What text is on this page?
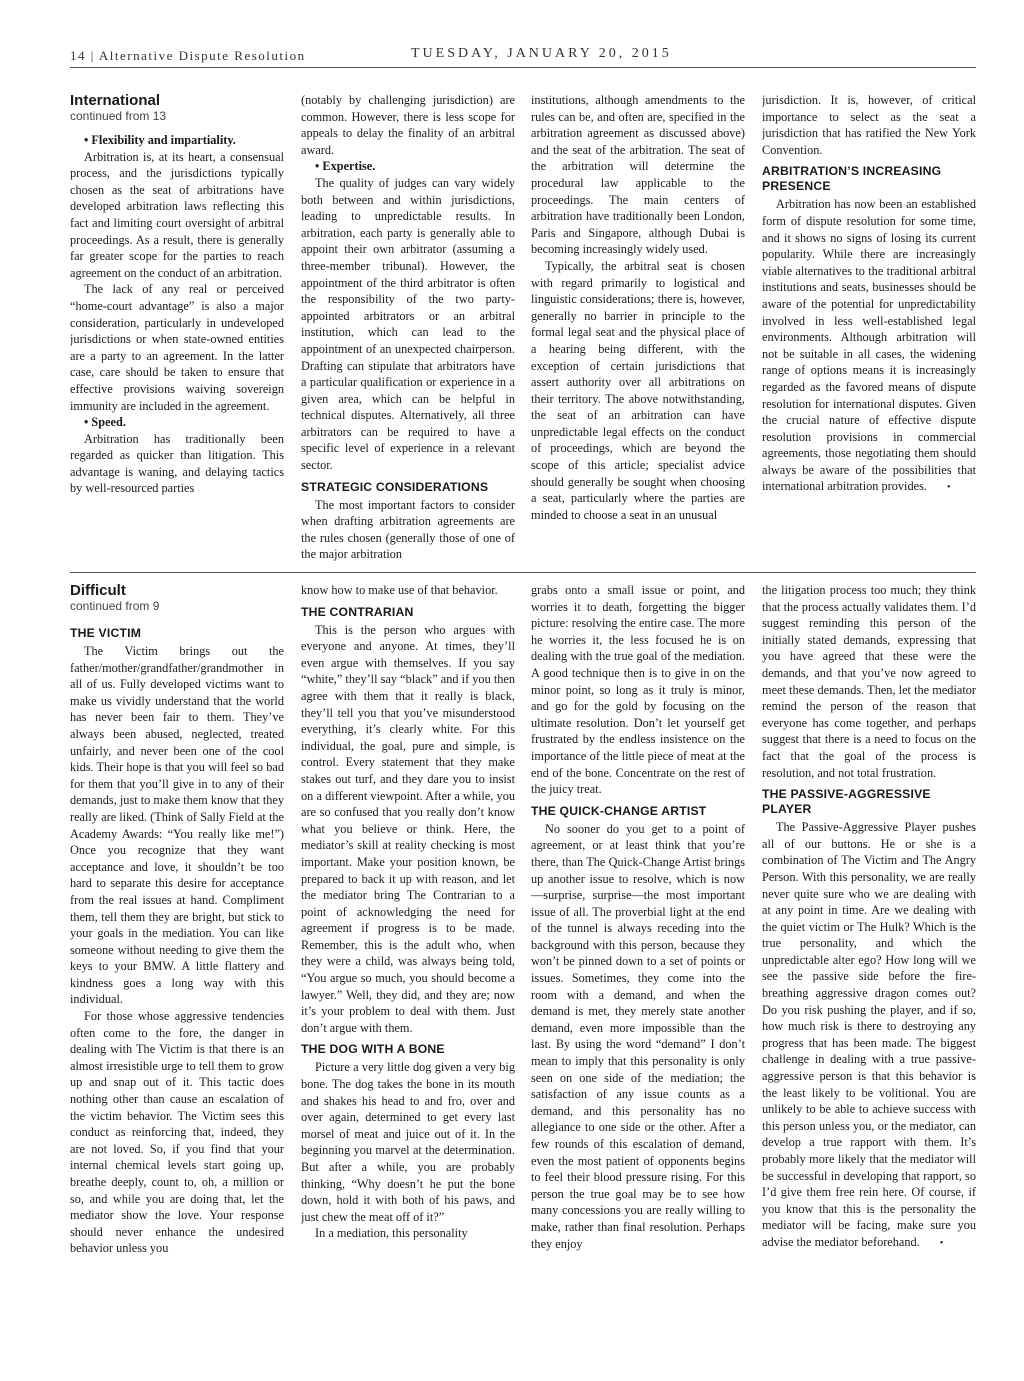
14 | Alternative Dispute Resolution	TUESDAY, JANUARY 20, 2015
International
continued from 13
• Flexibility and impartiality.

Arbitration is, at its heart, a consensual process, and the jurisdictions typically chosen as the seat of arbitrations have developed arbitration laws reflecting this fact and limiting court oversight of arbitral proceedings. As a result, there is generally far greater scope for the parties to reach agreement on the conduct of an arbitration.

The lack of any real or perceived “home-court advantage” is also a major consideration, particularly in undeveloped jurisdictions or when state-owned entities are a party to an agreement. In the latter case, care should be taken to ensure that effective provisions waiving sovereign immunity are included in the agreement.

• Speed.

Arbitration has traditionally been regarded as quicker than litigation. This advantage is waning, and delaying tactics by well-resourced parties

(notably by challenging jurisdiction) are common. However, there is less scope for appeals to delay the finality of an arbitral award.

• Expertise.

The quality of judges can vary widely both between and within jurisdictions, leading to unpredictable results. In arbitration, each party is generally able to appoint their own arbitrator (assuming a three-member tribunal). However, the appointment of the third arbitrator is often the responsibility of the two party-appointed arbitrators or an arbitral institution, which can lead to the appointment of an unexpected chairperson. Drafting can stipulate that arbitrators have a particular qualification or experience in a given area, which can be helpful in technical disputes. Alternatively, all three arbitrators can be required to have a specific level of experience in a relevant sector.

STRATEGIC CONSIDERATIONS

The most important factors to consider when drafting arbitration agreements are the rules chosen (generally those of one of the major arbitration

institutions, although amendments to the rules can be, and often are, specified in the arbitration agreement as discussed above) and the seat of the arbitration. The seat of the arbitration will determine the procedural law applicable to the proceedings. The main centers of arbitration have traditionally been London, Paris and Singapore, although Dubai is becoming increasingly widely used.

Typically, the arbitral seat is chosen with regard primarily to logistical and linguistic considerations; there is, however, generally no barrier in principle to the formal legal seat and the physical place of a hearing being different, with the exception of certain jurisdictions that assert authority over all arbitrations on their territory. The above notwithstanding, the seat of an arbitration can have unpredictable legal effects on the conduct of proceedings, which are beyond the scope of this article; specialist advice should generally be sought when choosing a seat, particularly where the parties are minded to choose a seat in an unusual

jurisdiction. It is, however, of critical importance to select as the seat a jurisdiction that has ratified the New York Convention.

ARBITRATION’S INCREASING PRESENCE

Arbitration has now been an established form of dispute resolution for some time, and it shows no signs of losing its current popularity. While there are increasingly viable alternatives to the traditional arbitral institutions and seats, businesses should be aware of the potential for unpredictability involved in less well-established legal environments. Although arbitration will not be suitable in all cases, the widening range of options means it is increasingly regarded as the favored means of dispute resolution for international disputes. Given the crucial nature of effective dispute resolution provisions in commercial agreements, those negotiating them should always be aware of the possibilities that international arbitration provides. •

Difficult
continued from 9
THE VICTIM

The Victim brings out the father/mother/grandfather/grandmother in all of us. Fully developed victims want to make us vividly understand that the world has never been fair to them. They’ve always been abused, neglected, treated unfairly, and never been one of the cool kids. Their hope is that you will feel so bad for them that you’ll give in to any of their demands, just to make them know that they really are liked. (Think of Sally Field at the Academy Awards: “You really like me!”) Once you recognize that they want acceptance and love, it shouldn’t be too hard to separate this desire for acceptance from the real issues at hand. Compliment them, tell them they are bright, but stick to your goals in the mediation. You can like someone without needing to give them the keys to your BMW. A little flattery and kindness goes a long way with this individual.

For those whose aggressive tendencies often come to the fore, the danger in dealing with The Victim is that there is an almost irresistible urge to tell them to grow up and snap out of it. This tactic does nothing other than cause an escalation of the victim behavior. The Victim sees this conduct as reinforcing that, indeed, they are not loved. So, if you find that your internal chemical levels start going up, breathe deeply, count to, oh, a million or so, and while you are doing that, let the mediator show the love. Your response should never enhance the undesired behavior unless you

know how to make use of that behavior.

THE CONTRARIAN

This is the person who argues with everyone and anyone. At times, they’ll even argue with themselves. If you say “white,” they’ll say “black” and if you then agree with them that it really is black, they’ll tell you that you’ve misunderstood everything, it’s clearly white. For this individual, the goal, pure and simple, is control. Every statement that they make stakes out turf, and they dare you to insist on a different viewpoint. After a while, you are so confused that you really don’t know what you believe or think. Here, the mediator’s skill at reality checking is most important. Make your position known, be prepared to back it up with reason, and let the mediator bring The Contrarian to a point of acknowledging the need for agreement if progress is to be made. Remember, this is the adult who, when they were a child, was always being told, “You argue so much, you should become a lawyer.” Well, they did, and they are; now it’s your problem to deal with them. Just don’t argue with them.

THE DOG WITH A BONE

Picture a very little dog given a very big bone. The dog takes the bone in its mouth and shakes his head to and fro, over and over again, determined to get every last morsel of meat and juice out of it. In the beginning you marvel at the determination. But after a while, you are probably thinking, “Why doesn’t he put the bone down, hold it with both of his paws, and just chew the meat off of it?”

In a mediation, this personality

grabs onto a small issue or point, and worries it to death, forgetting the bigger picture: resolving the entire case. The more he worries it, the less focused he is on dealing with the true goal of the mediation. A good technique then is to give in on the minor point, so long as it truly is minor, and go for the gold by focusing on the ultimate resolution. Don’t let yourself get frustrated by the endless insistence on the importance of the little piece of meat at the end of the bone. Concentrate on the rest of the juicy treat.

THE QUICK-CHANGE ARTIST

No sooner do you get to a point of agreement, or at least think that you’re there, than The Quick-Change Artist brings up another issue to resolve, which is now—surprise, surprise—the most important issue of all. The proverbial light at the end of the tunnel is always receding into the background with this person, because they won’t be pinned down to a set of points or issues. Sometimes, they come into the room with a demand, and when the demand is met, they merely state another demand, even more impossible than the last. By using the word “demand” I don’t mean to imply that this personality is only seen on one side of the mediation; the satisfaction of any issue counts as a demand, and this personality has no allegiance to one side or the other. After a few rounds of this escalation of demand, even the most patient of opponents begins to feel their blood pressure rising. For this person the true goal may be to see how many concessions you are really willing to make, rather than final resolution. Perhaps they enjoy

the litigation process too much; they think that the process actually validates them. I’d suggest reminding this person of the initially stated demands, expressing that you have agreed that these were the demands, and that you’ve now agreed to meet these demands. Then, let the mediator remind the person of the reason that everyone has come together, and perhaps suggest that there is a need to focus on the fact that the goal of the process is resolution, and not total frustration.

THE PASSIVE-AGGRESSIVE PLAYER

The Passive-Aggressive Player pushes all of our buttons. He or she is a combination of The Victim and The Angry Person. With this personality, we are really never quite sure who we are dealing with at any point in time. Are we dealing with the quiet victim or The Hulk? Which is the true personality, and which the unpredictable alter ego? How long will we see the passive side before the fire-breathing aggressive dragon comes out? Do you risk pushing the player, and if so, how much risk is there to destroying any progress that has been made. The biggest challenge in dealing with a true passive-aggressive person is that this behavior is the least likely to be volitional. You are unlikely to be able to achieve success with this person unless you, or the mediator, can develop a true rapport with them. It’s probably more likely that the mediator will be successful in developing that rapport, so I’d give them free rein here. Of course, if you know that this is the personality the mediator will be facing, make sure you advise the mediator beforehand. •
